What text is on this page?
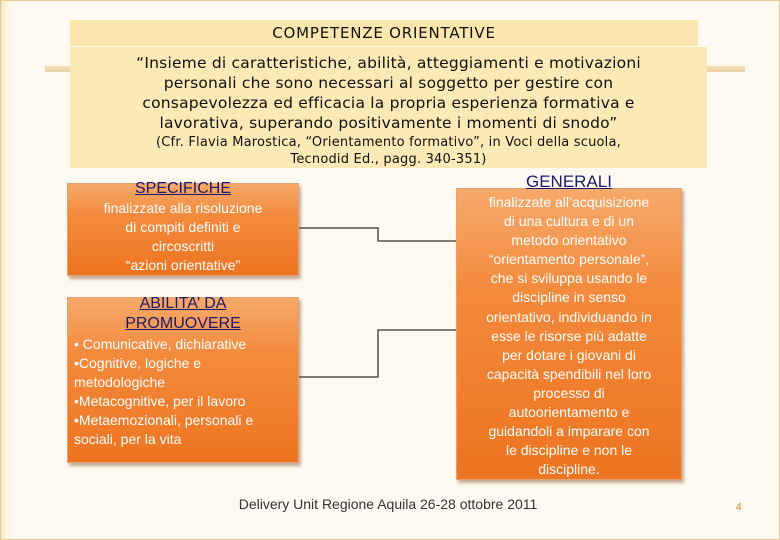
COMPETENZE ORIENTATIVE
“Insieme di caratteristiche, abilità, atteggiamenti e motivazioni
personali che sono necessari al soggetto per gestire con
consapevolezza ed efficacia la propria esperienza formativa e
lavorativa, superando positivamente i momenti di snodo”
(Cfr. Flavia Marostica, “Orientamento formativo”, in Voci della scuola,
Tecnodid Ed., pagg. 340-351)
SPECIFICHE
finalizzate alla risoluzione
di compiti definiti e
circoscritti
“azioni orientative”
ABILITA’ DA
PROMUOVERE
• Comunicative, dichiarative
•Cognitive, logiche e
metodologiche
•Metacognitive, per il lavoro
•Metaemozionali, personali e
sociali, per la vita
GENERALI
finalizzate all’acquisizione
di una cultura e di un
metodo orientativo
“orientamento personale”,
che si sviluppa usando le
discipline in senso
orientativo, individuando in
esse le risorse più adatte
per dotare i giovani di
capacità spendibili nel loro
processo di
autoorientamento e
guidandoli a imparare con
le discipline e non le
discipline.
Delivery Unit Regione Aquila 26-28 ottobre 2011	4
